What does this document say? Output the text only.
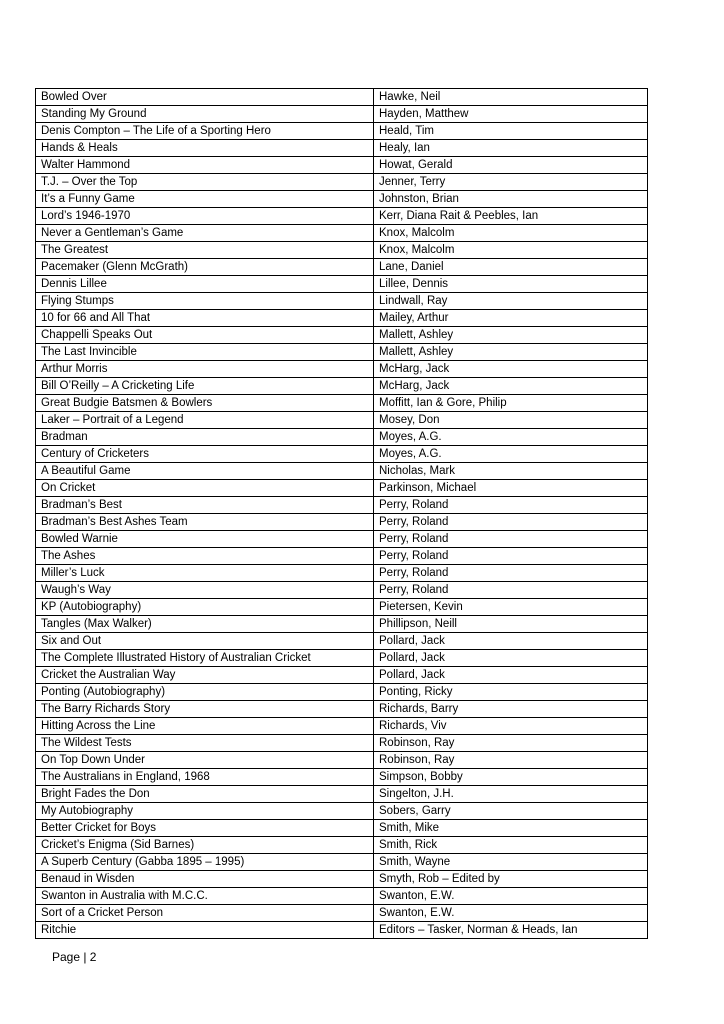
Bowled Over	Hawke, Neil
Standing My Ground	Hayden, Matthew
Denis Compton – The Life of a Sporting Hero	Heald, Tim
Hands & Heals	Healy, Ian
Walter Hammond	Howat, Gerald
T.J. – Over the Top	Jenner, Terry
It’s a Funny Game	Johnston, Brian
Lord’s 1946-1970	Kerr, Diana Rait & Peebles, Ian
Never a Gentleman’s Game	Knox, Malcolm
The Greatest	Knox, Malcolm
Pacemaker (Glenn McGrath)	Lane, Daniel
Dennis Lillee	Lillee, Dennis
Flying Stumps	Lindwall, Ray
10 for 66 and All That	Mailey, Arthur
Chappelli Speaks Out	Mallett, Ashley
The Last Invincible	Mallett, Ashley
Arthur Morris	McHarg, Jack
Bill O’Reilly – A Cricketing Life	McHarg, Jack
Great Budgie Batsmen & Bowlers	Moffitt, Ian & Gore, Philip
Laker – Portrait of a Legend	Mosey, Don
Bradman	Moyes, A.G.
Century of Cricketers	Moyes, A.G.
A Beautiful Game	Nicholas, Mark
On Cricket	Parkinson, Michael
Bradman’s Best	Perry, Roland
Bradman’s Best Ashes Team	Perry, Roland
Bowled Warnie	Perry, Roland
The Ashes	Perry, Roland
Miller’s Luck	Perry, Roland
Waugh’s Way	Perry, Roland
KP (Autobiography)	Pietersen, Kevin
Tangles (Max Walker)	Phillipson, Neill
Six and Out	Pollard, Jack
The Complete Illustrated History of Australian Cricket	Pollard, Jack
Cricket the Australian Way	Pollard, Jack
Ponting (Autobiography)	Ponting, Ricky
The Barry Richards Story	Richards, Barry
Hitting Across the Line	Richards, Viv
The Wildest Tests	Robinson, Ray
On Top Down Under	Robinson, Ray
The Australians in England, 1968	Simpson, Bobby
Bright Fades the Don	Singelton, J.H.
My Autobiography	Sobers, Garry
Better Cricket for Boys	Smith, Mike
Cricket’s Enigma (Sid Barnes)	Smith, Rick
A Superb Century (Gabba 1895 – 1995)	Smith, Wayne
Benaud in Wisden	Smyth, Rob – Edited by
Swanton in Australia with M.C.C.	Swanton, E.W.
Sort of a Cricket Person	Swanton, E.W.
Ritchie	Editors – Tasker, Norman & Heads, Ian
Page | 2
